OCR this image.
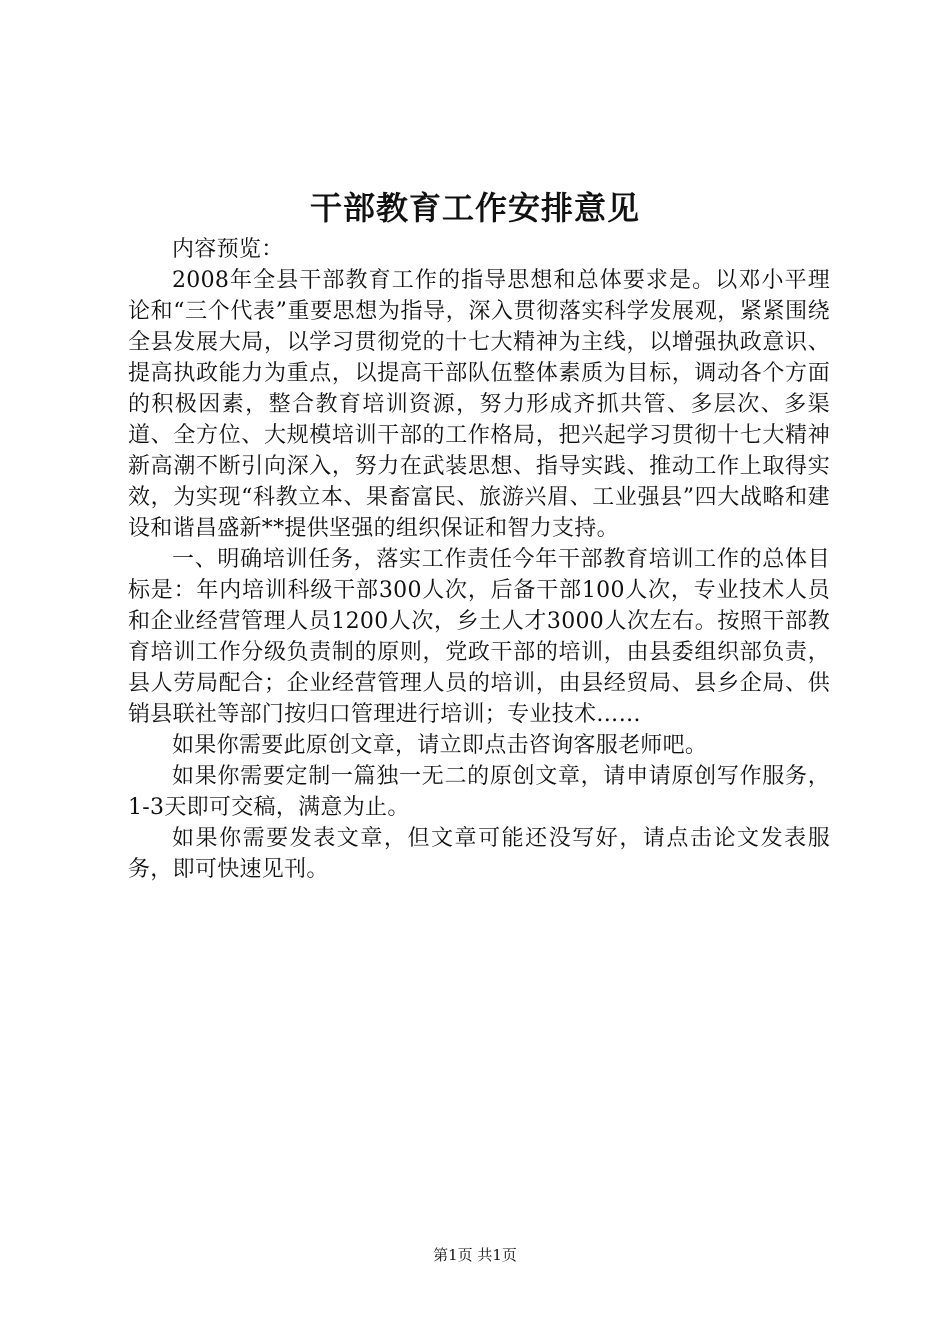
干部教育工作安排意见

内容预览：

2008年全县干部教育工作的指导思想和总体要求是。以邓小平理论和“三个代表”重要思想为指导，深入贯彻落实科学发展观，紧紧围绕全县发展大局，以学习贯彻党的十七大精神为主线，以增强执政意识、提高执政能力为重点，以提高干部队伍整体素质为目标，调动各个方面的积极因素，整合教育培训资源，努力形成齐抓共管、多层次、多渠道、全方位、大规模培训干部的工作格局，把兴起学习贯彻十七大精神新高潮不断引向深入，努力在武装思想、指导实践、推动工作上取得实效，为实现“科教立本、果畜富民、旅游兴眉、工业强县”四大战略和建设和谐昌盛新**提供坚强的组织保证和智力支持。

一、明确培训任务，落实工作责任今年干部教育培训工作的总体目标是：年内培训科级干部300人次，后备干部100人次，专业技术人员和企业经营管理人员1200人次，乡土人才3000人次左右。按照干部教育培训工作分级负责制的原则，党政干部的培训，由县委组织部负责，县人劳局配合；企业经营管理人员的培训，由县经贸局、县乡企局、供销县联社等部门按归口管理进行培训；专业技术……

如果你需要此原创文章，请立即点击咨询客服老师吧。

如果你需要定制一篇独一无二的原创文章，请申请原创写作服务，1-3天即可交稿，满意为止。

如果你需要发表文章，但文章可能还没写好，请点击论文发表服务，即可快速见刊。

第1页 共1页
